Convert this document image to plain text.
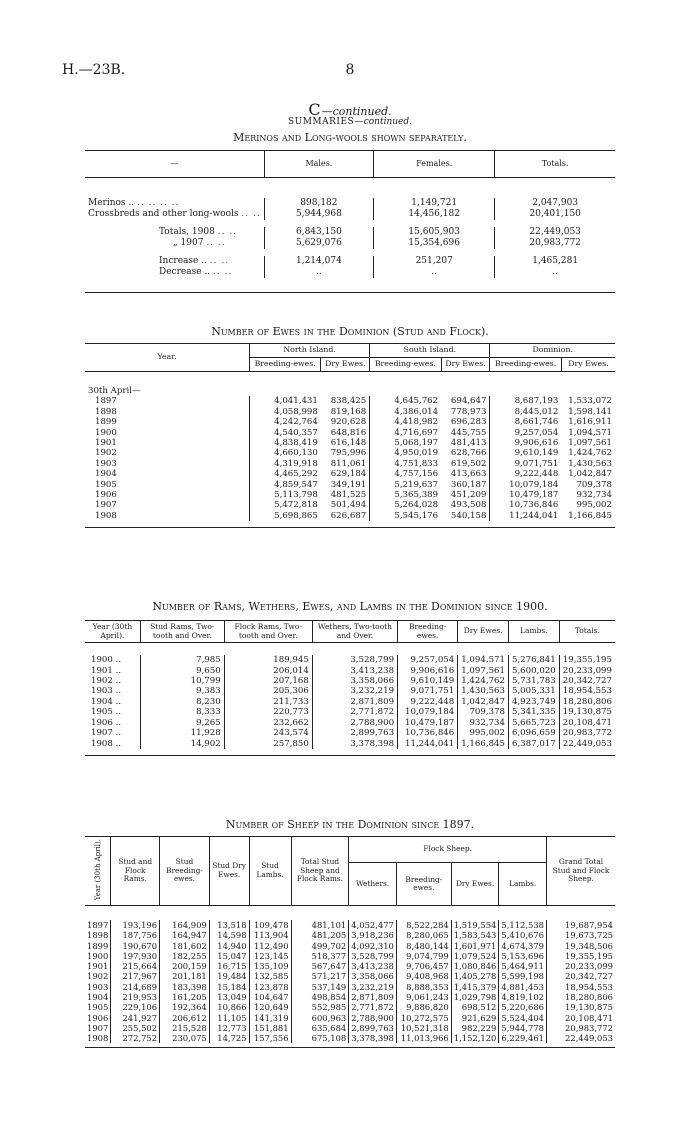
H.—23B.	8
C—continued.
SUMMARIES—continued.
Merinos and Long-wools shown separately.
—	Males.	Females.	Totals.

Merinos .. .. .. .. ..	898,182	1,149,721	2,047,903
Crossbreds and other long-wools .. ..	5,944,968	14,456,182	20,401,150

Totals, 1908 .. ..	6,843,150	15,605,903	22,449,053
„ 1907 .. ..	5,629,076	15,354,696	20,983,772

Increase .. .. ..	1,214,074	251,207	1,465,281
Decrease .. .. ..	..	..	..

Number of Ewes in the Dominion (Stud and Flock).
Year.	North Island.		South Island.		Dominion.	
	Breeding-ewes.	Dry Ewes.	Breeding-ewes.	Dry Ewes.	Breeding-ewes.	Dry Ewes.

30th April—						
1897	4,041,431	838,425	4,645,762	694,647	8,687,193	1,533,072
1898	4,058,998	819,168	4,386,014	778,973	8,445,012	1,598,141
1899	4,242,764	920,628	4,418,982	696,283	8,661,746	1,616,911
1900	4,540,357	648,816	4,716,697	445,755	9,257,054	1,094,571
1901	4,838,419	616,148	5,068,197	481,413	9,906,616	1,097,561
1902	4,660,130	795,996	4,950,019	628,766	9,610,149	1,424,762
1903	4,319,918	811,061	4,751,833	619,502	9,071,751	1,430,563
1904	4,465,292	629,184	4,757,156	413,663	9,222,448	1,042,847
1905	4,859,547	349,191	5,219,637	360,187	10,079,184	709,378
1906	5,113,798	481,525	5,365,389	451,209	10,479,187	932,734
1907	5,472,818	501,494	5,264,028	493,508	10,736,846	995,002
1908	5,698,865	626,687	5,545,176	540,158	11,244,041	1,166,845

Number of Rams, Wethers, Ewes, and Lambs in the Dominion since 1900.
Year (30th April).	Stud Rams, Two-tooth and Over.	Flock Rams, Two-tooth and Over.	Wethers, Two-tooth and Over.	Breeding-ewes.	Dry Ewes.	Lambs.	Totals.

1900 ..	7,985	189,945	3,528,799	9,257,054	1,094,571	5,276,841	19,355,195
1901 ..	9,650	206,014	3,413,238	9,906,616	1,097,561	5,600,020	20,233,099
1902 ..	10,799	207,168	3,358,066	9,610,149	1,424,762	5,731,783	20,342,727
1903 ..	9,383	205,306	3,232,219	9,071,751	1,430,563	5,005,331	18,954,553
1904 ..	8,230	211,733	2,871,809	9,222,448	1,042,847	4,923,749	18,280,806
1905 ..	8,333	220,773	2,771,872	10,079,184	709,378	5,341,335	19,130,875
1906 ..	9,265	232,662	2,788,900	10,479,187	932,734	5,665,723	20,108,471
1907 ..	11,928	243,574	2,899,763	10,736,846	995,002	6,096,659	20,983,772
1908 ..	14,902	257,850	3,378,398	11,244,041	1,166,845	6,387,017	22,449,053

Number of Sheep in the Dominion since 1897.
Year (30th April).	Stud and Flock Rams.	Stud Breeding-ewes.	Stud Dry Ewes.	Stud Lambs.	Total Stud Sheep and Flock Rams.	Flock Sheep.				Grand Total Stud and Flock Sheep.
						Wethers.	Breeding-ewes.	Dry Ewes.	Lambs.	

1897	193,196	164,909	13,518	109,478	481,101	4,052,477	8,522,284	1,519,554	5,112,538	19,687,954
1898	187,756	164,947	14,598	113,904	481,205	3,918,236	8,280,065	1,583,543	5,410,676	19,673,725
1899	190,670	181,602	14,940	112,490	499,702	4,092,310	8,480,144	1,601,971	4,674,379	19,348,506
1900	197,930	182,255	15,047	123,145	518,377	3,528,799	9,074,799	1,079,524	5,153,696	19,355,195
1901	215,664	200,159	16,715	135,109	567,647	3,413,238	9,706,457	1,080,846	5,464,911	20,233,099
1902	217,967	201,181	19,484	132,585	571,217	3,358,066	9,408,968	1,405,278	5,599,198	20,342,727
1903	214,689	183,398	15,184	123,878	537,149	3,232,219	8,888,353	1,415,379	4,881,453	18,954,553
1904	219,953	161,205	13,049	104,647	498,854	2,871,809	9,061,243	1,029,798	4,819,102	18,280,806
1905	229,106	192,364	10,866	120,649	552,985	2,771,872	9,886,820	698,512	5,220,686	19,130,875
1906	241,927	206,612	11,105	141,319	600,963	2,788,900	10,272,575	921,629	5,524,404	20,108,471
1907	255,502	215,528	12,773	151,881	635,684	2,899,763	10,521,318	982,229	5,944,778	20,983,772
1908	272,752	230,075	14,725	157,556	675,108	3,378,398	11,013,966	1,152,120	6,229,461	22,449,053
